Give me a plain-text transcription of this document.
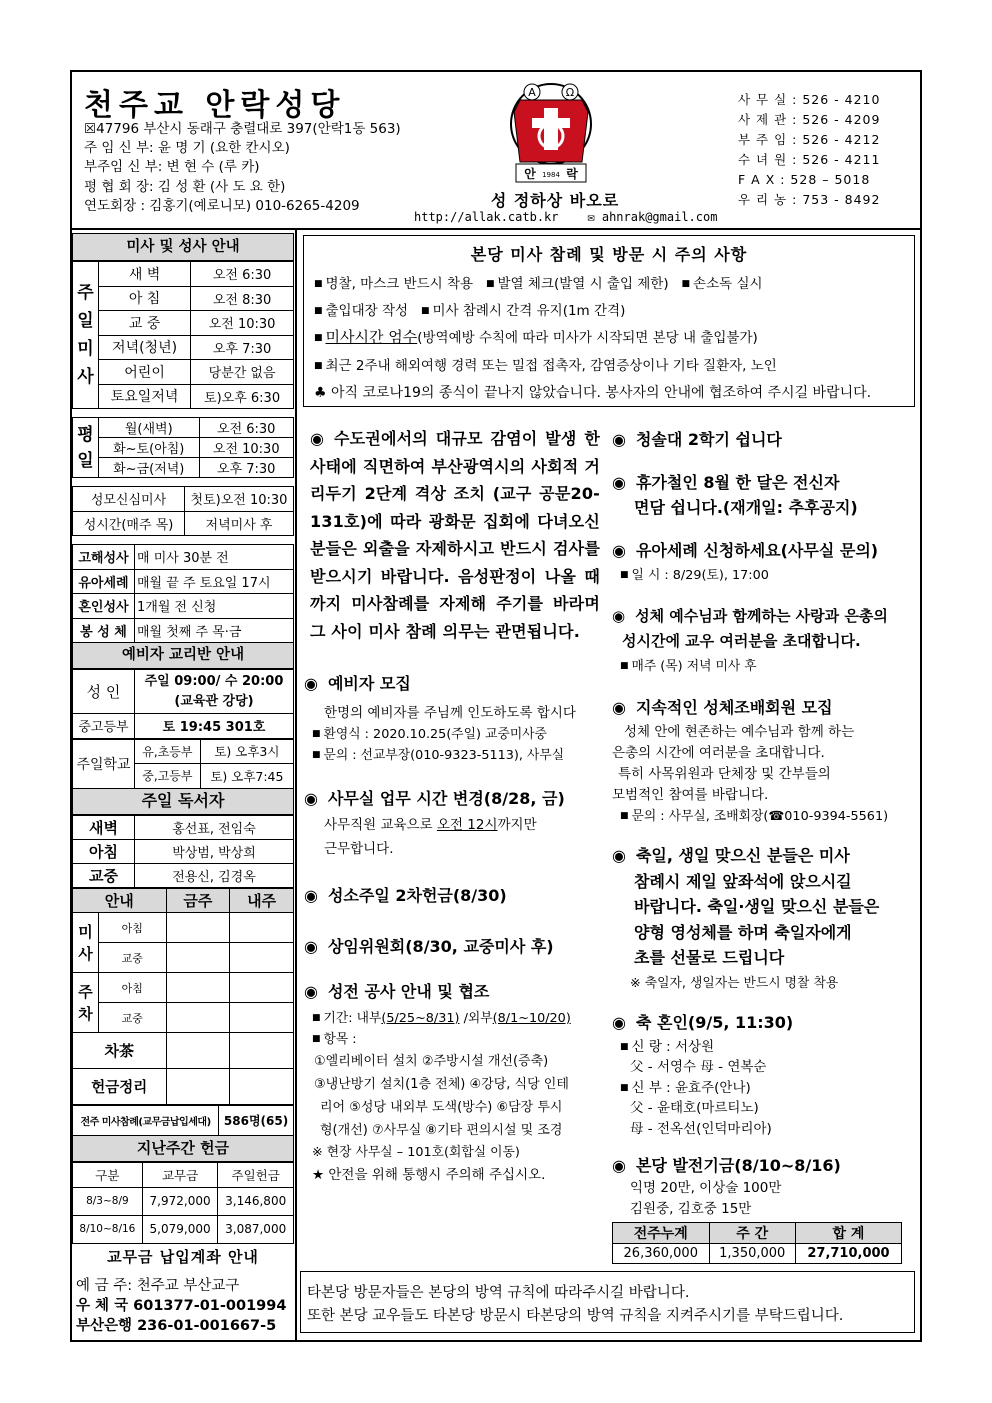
천주교 안락성당
☒47796 부산시 동래구 충렬대로 397(안락1동 563)
주 임 신 부: 윤 명 기 (요한 칸시오)
부주임 신 부: 변 현 수 (루 카)
평 협 회 장: 김 성 환 (사 도 요 한)
연도회장 : 김홍기(예로니모) 010-6265-4209
A	Ω
안 1984 락
성 정하상 바오로
http://allak.catb.kr ✉ ahnrak@gmail.com
사 무 실 : 526 - 4210
사 제 관 : 526 - 4209
부 주 임 : 526 - 4212
수 녀 원 : 526 - 4211
F A X : 528 – 5018
우 리 농 : 753 - 8492
미사 및 성사 안내
주일미사	새 벽	오전 6:30
	아 침	오전 8:30
	교 중	오전 10:30
	저녁(청년)	오후 7:30
	어린이	당분간 없음
	토요일저녁	토)오후 6:30
평일	월(새벽)	오전 6:30
	화~토(아침)	오전 10:30
	화~금(저녁)	오후 7:30
성모신심미사	첫토)오전 10:30
성시간(매주 목)	저녁미사 후
고해성사	매 미사 30분 전
유아세례	매월 끝 주 토요일 17시
혼인성사	1개월 전 신청
봉 성 체	매월 첫째 주 목·금
예비자 교리반 안내
성 인	주일 09:00/ 수 20:00
(교육관 강당)

중고등부	토 19:45 301호
주일학교	유,초등부	토) 오후3시
	중,고등부	토) 오후7:45
주일 독서자
새벽	홍선표, 전임숙
아침	박상범, 박상희
교중	전용신, 김경옥
안내		금주	내주
미사	아침		
	교중		
주차	아침		
	교중		
차茶			
헌금정리			
전주 미사참례(교무금납입세대)	586명(65)
지난주간 헌금
구분	교무금	주일헌금
8/3~8/9	7,972,000	3,146,800
8/10~8/16	5,079,000	3,087,000
교무금 납입계좌 안내
예 금 주: 천주교 부산교구
우 체 국 601377-01-001994
부산은행 236-01-001667-5
본당 미사 참례 및 방문 시 주의 사항
■ 명찰, 마스크 반드시 착용 ■ 발열 체크(발열 시 출입 제한) ■ 손소독 실시
■ 출입대장 작성 ■ 미사 참례시 간격 유지(1m 간격)
■ 미사시간 엄수(방역예방 수칙에 따라 미사가 시작되면 본당 내 출입불가)
■ 최근 2주내 해외여행 경력 또는 밀접 접촉자, 감염증상이나 기타 질환자, 노인
♣ 아직 코로나19의 종식이 끝나지 않았습니다. 봉사자의 안내에 협조하여 주시길 바랍니다.
◉ 수도권에서의 대규모 감염이 발생 한 사태에 직면하여 부산광역시의 사회적 거리두기 2단계 격상 조치 (교구 공문20-131호)에 따라 광화문 집회에 다녀오신 분들은 외출을 자제하시고 반드시 검사를 받으시기 바랍니다. 음성판정이 나올 때까지 미사참례를 자제해 주기를 바라며 그 사이 미사 참례 의무는 관면됩니다.
◉ 예비자 모집
한명의 예비자를 주님께 인도하도록 합시다
■ 환영식 : 2020.10.25(주일) 교중미사중
■ 문의 : 선교부장(010-9323-5113), 사무실
◉ 사무실 업무 시간 변경(8/28, 금)
사무직원 교육으로 오전 12시까지만
근무합니다.
◉ 성소주일 2차헌금(8/30)
◉ 상임위원회(8/30, 교중미사 후)
◉ 성전 공사 안내 및 협조
■ 기간: 내부(5/25~8/31) /외부(8/1~10/20)
■ 항목 :
①엘리베이터 설치 ②주방시설 개선(증축)
③냉난방기 설치(1층 전체) ④강당, 식당 인테
리어 ⑤성당 내외부 도색(방수) ⑥담장 투시
형(개선) ⑦사무실 ⑧기타 편의시설 및 조경
※ 현장 사무실 – 101호(회합실 이동)
★ 안전을 위해 통행시 주의해 주십시오.
◉ 청솔대 2학기 쉽니다
◉ 휴가철인 8월 한 달은 전신자
면담 쉽니다.(재개일: 추후공지)
◉ 유아세례 신청하세요(사무실 문의)
■ 일 시 : 8/29(토), 17:00
◉ 성체 예수님과 함께하는 사랑과 은총의
성시간에 교우 여러분을 초대합니다.
■ 매주 (목) 저녁 미사 후
◉ 지속적인 성체조배회원 모집
성체 안에 현존하는 예수님과 함께 하는
은총의 시간에 여러분을 초대합니다.
특히 사목위원과 단체장 및 간부들의
모범적인 참여를 바랍니다.
■ 문의 : 사무실, 조배회장(☎010-9394-5561)
◉ 축일, 생일 맞으신 분들은 미사
참례시 제일 앞좌석에 앉으시길
바랍니다. 축일·생일 맞으신 분들은
양형 영성체를 하며 축일자에게
초를 선물로 드립니다
※ 축일자, 생일자는 반드시 명찰 착용
◉ 축 혼인(9/5, 11:30)
■ 신 랑 : 서상원
父 - 서영수 母 - 연복순
■ 신 부 : 윤효주(안나)
父 - 윤태호(마르티노)
母 - 전옥선(인덕마리아)
◉ 본당 발전기금(8/10~8/16)
익명 20만, 이상술 100만
김원중, 김호중 15만
전주누계	주 간	합 계
26,360,000	1,350,000	27,710,000
타본당 방문자들은 본당의 방역 규칙에 따라주시길 바랍니다.
또한 본당 교우들도 타본당 방문시 타본당의 방역 규칙을 지켜주시기를 부탁드립니다.
